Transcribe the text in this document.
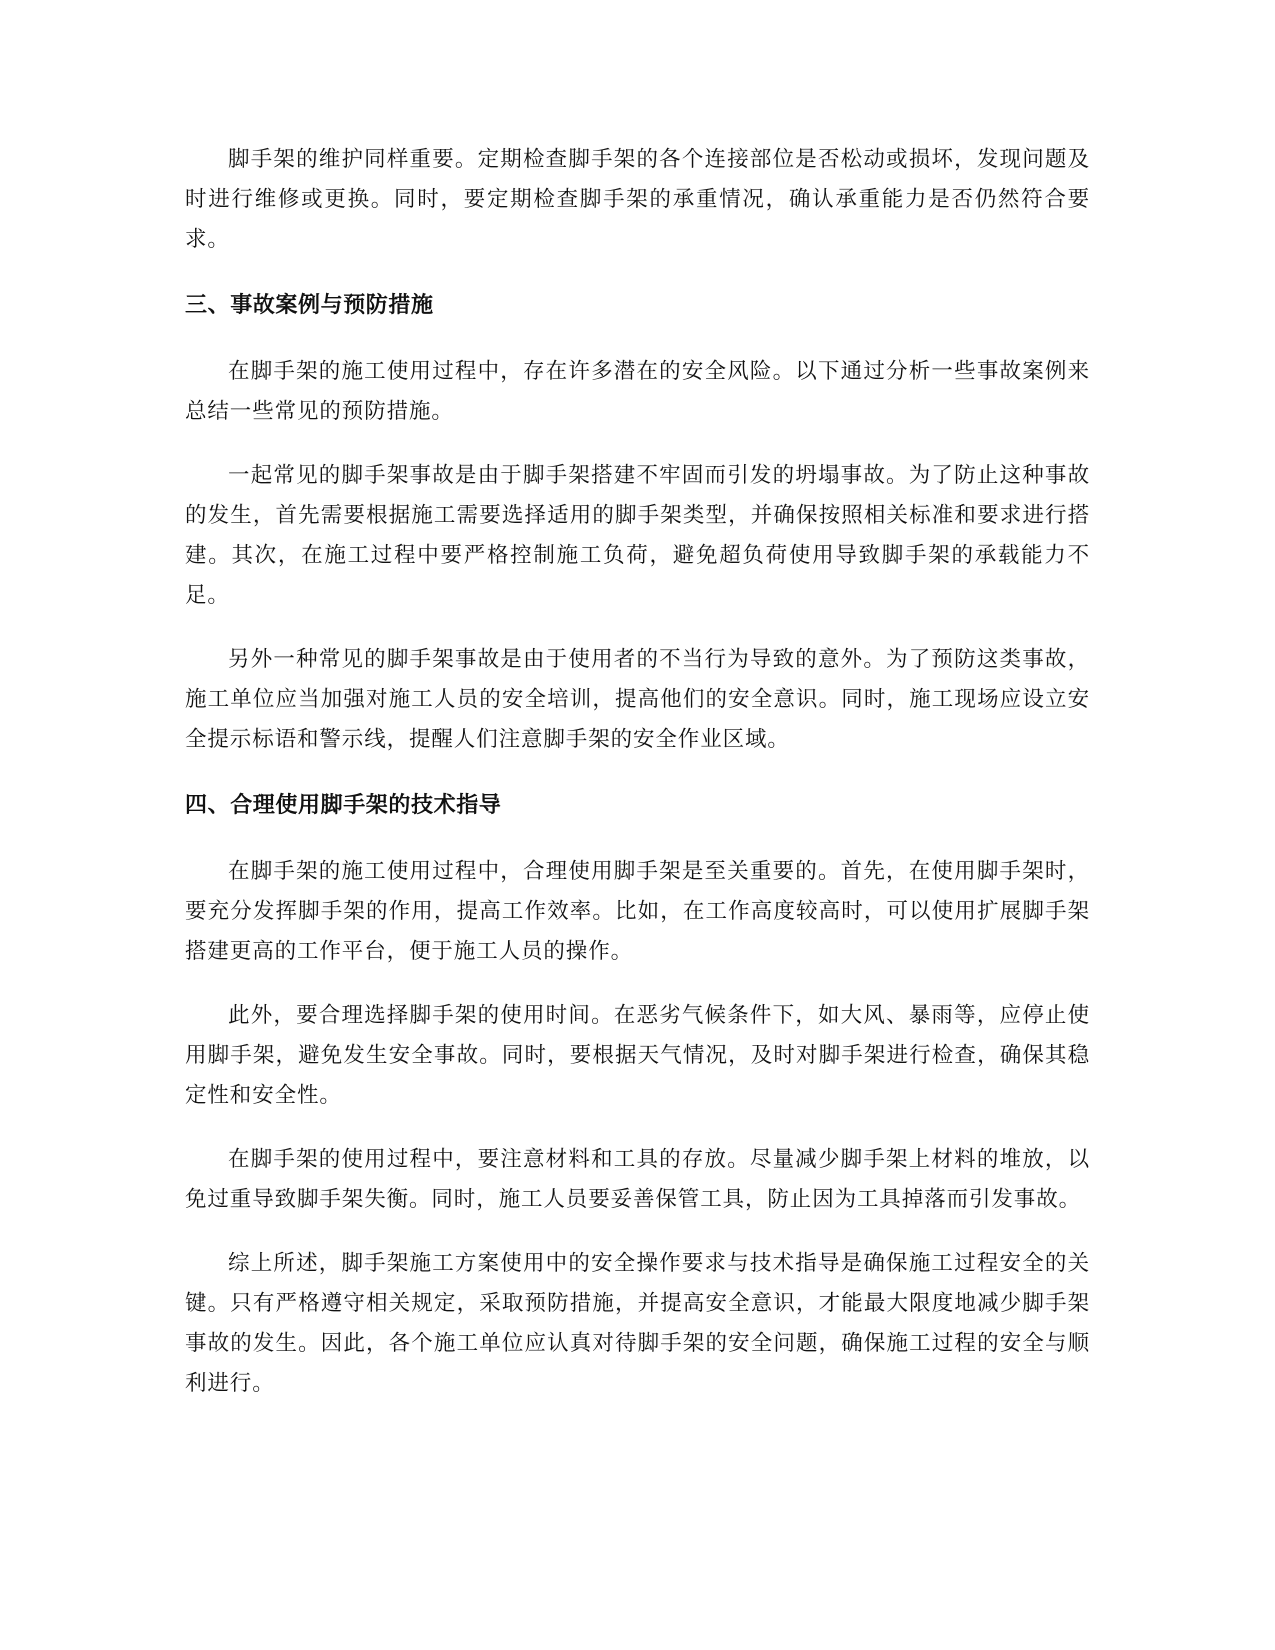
脚手架的维护同样重要。定期检查脚手架的各个连接部位是否松动或损坏，发现问题及时进行维修或更换。同时，要定期检查脚手架的承重情况，确认承重能力是否仍然符合要求。

三、事故案例与预防措施

在脚手架的施工使用过程中，存在许多潜在的安全风险。以下通过分析一些事故案例来总结一些常见的预防措施。

一起常见的脚手架事故是由于脚手架搭建不牢固而引发的坍塌事故。为了防止这种事故的发生，首先需要根据施工需要选择适用的脚手架类型，并确保按照相关标准和要求进行搭建。其次，在施工过程中要严格控制施工负荷，避免超负荷使用导致脚手架的承载能力不足。

另外一种常见的脚手架事故是由于使用者的不当行为导致的意外。为了预防这类事故，施工单位应当加强对施工人员的安全培训，提高他们的安全意识。同时，施工现场应设立安全提示标语和警示线，提醒人们注意脚手架的安全作业区域。

四、合理使用脚手架的技术指导

在脚手架的施工使用过程中，合理使用脚手架是至关重要的。首先，在使用脚手架时，要充分发挥脚手架的作用，提高工作效率。比如，在工作高度较高时，可以使用扩展脚手架搭建更高的工作平台，便于施工人员的操作。

此外，要合理选择脚手架的使用时间。在恶劣气候条件下，如大风、暴雨等，应停止使用脚手架，避免发生安全事故。同时，要根据天气情况，及时对脚手架进行检查，确保其稳定性和安全性。

在脚手架的使用过程中，要注意材料和工具的存放。尽量减少脚手架上材料的堆放，以免过重导致脚手架失衡。同时，施工人员要妥善保管工具，防止因为工具掉落而引发事故。

综上所述，脚手架施工方案使用中的安全操作要求与技术指导是确保施工过程安全的关键。只有严格遵守相关规定，采取预防措施，并提高安全意识，才能最大限度地减少脚手架事故的发生。因此，各个施工单位应认真对待脚手架的安全问题，确保施工过程的安全与顺利进行。
